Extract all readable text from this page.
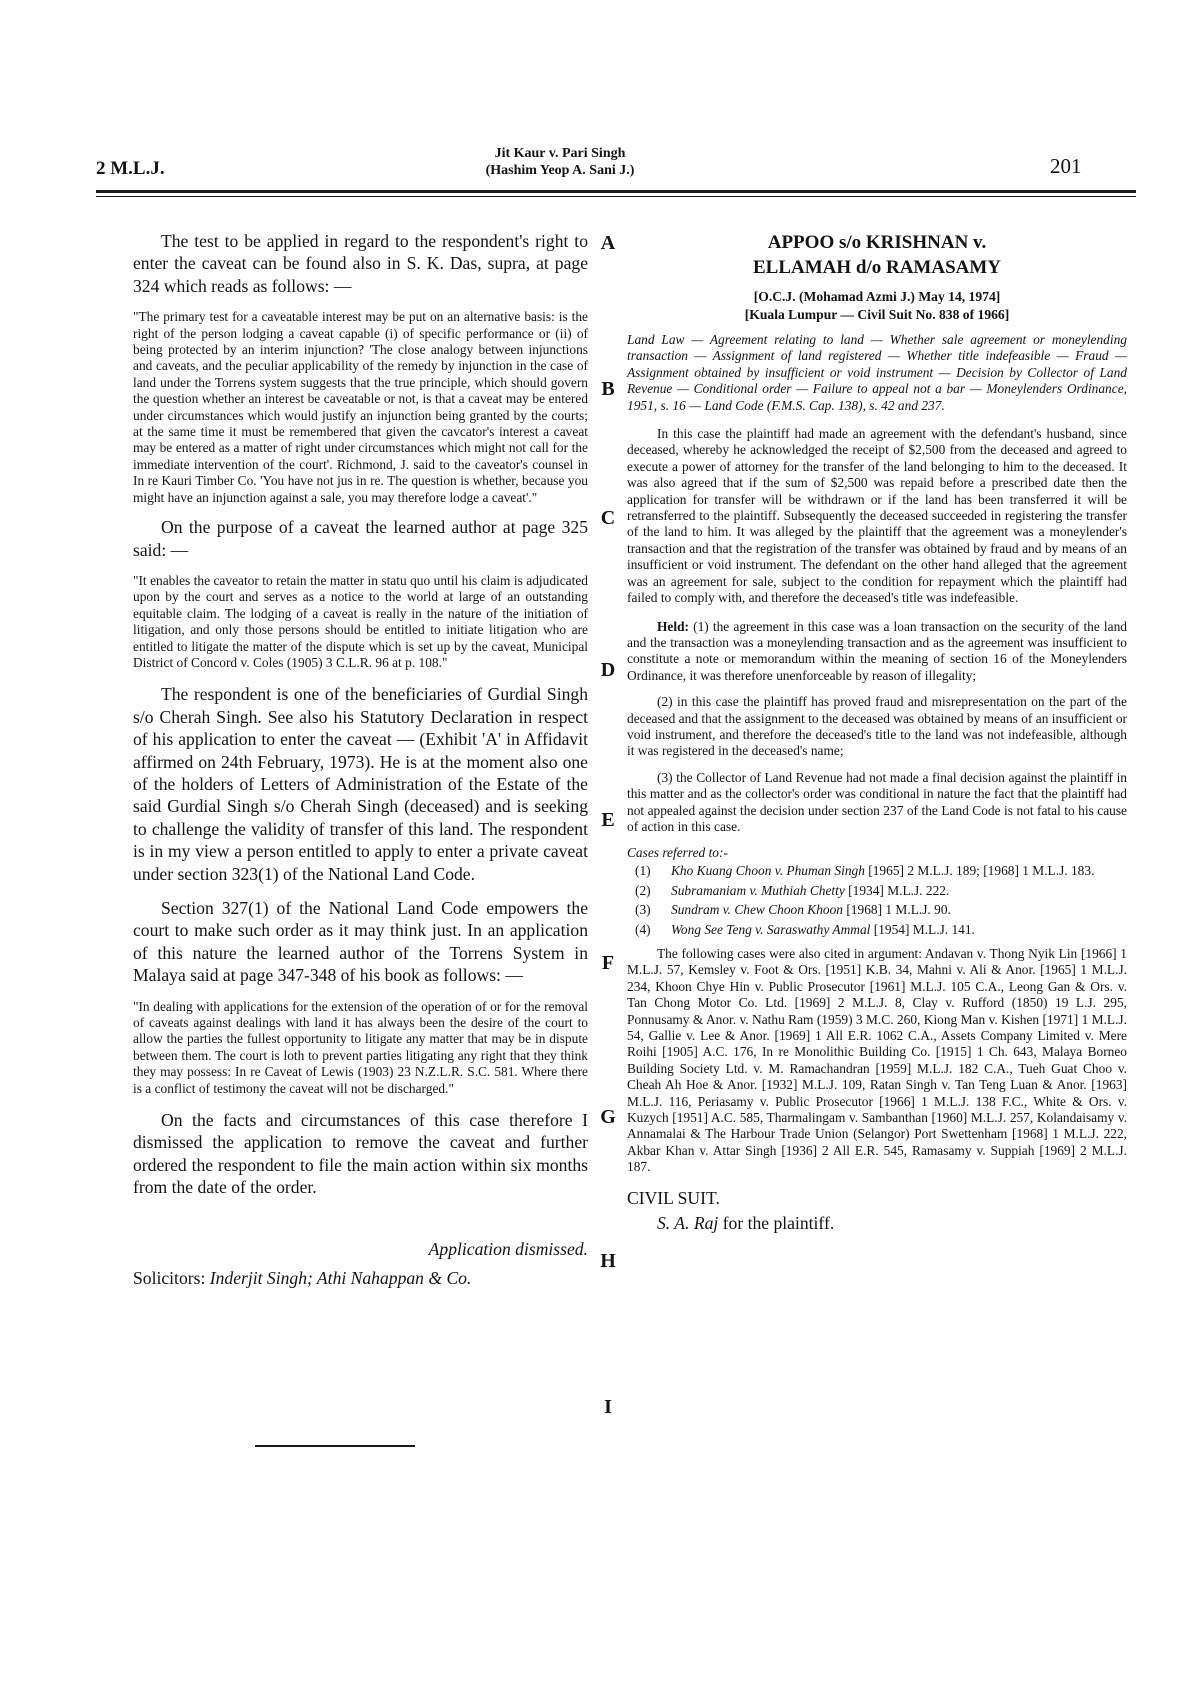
2 M.L.J.
Jit Kaur v. Pari Singh
(Hashim Yeop A. Sani J.)	201
A
B
C
D
E
F
G
H
I

The test to be applied in regard to the respondent's right to enter the caveat can be found also in S. K. Das, supra, at page 324 which reads as follows: —

"The primary test for a caveatable interest may be put on an alternative basis: is the right of the person lodging a caveat capable (i) of specific performance or (ii) of being protected by an interim injunction? 'The close analogy between injunctions and caveats, and the peculiar applicability of the remedy by injunction in the case of land under the Torrens system suggests that the true principle, which should govern the question whether an interest be caveatable or not, is that a caveat may be entered under circumstances which would justify an injunction being granted by the courts; at the same time it must be remembered that given the cavcator's interest a caveat may be entered as a matter of right under circumstances which might not call for the immediate intervention of the court'. Richmond, J. said to the caveator's counsel in In re Kauri Timber Co. 'You have not jus in re. The question is whether, because you might have an injunction against a sale, you may therefore lodge a caveat'."

On the purpose of a caveat the learned author at page 325 said: —

"It enables the caveator to retain the matter in statu quo until his claim is adjudicated upon by the court and serves as a notice to the world at large of an outstanding equitable claim. The lodging of a caveat is really in the nature of the initiation of litigation, and only those persons should be entitled to initiate litigation who are entitled to litigate the matter of the dispute which is set up by the caveat, Municipal District of Concord v. Coles (1905) 3 C.L.R. 96 at p. 108."

The respondent is one of the beneficiaries of Gurdial Singh s/o Cherah Singh. See also his Statutory Declaration in respect of his application to enter the caveat — (Exhibit 'A' in Affidavit affirmed on 24th February, 1973). He is at the moment also one of the holders of Letters of Administration of the Estate of the said Gurdial Singh s/o Cherah Singh (deceased) and is seeking to challenge the validity of transfer of this land. The respondent is in my view a person entitled to apply to enter a private caveat under section 323(1) of the National Land Code.

Section 327(1) of the National Land Code empowers the court to make such order as it may think just. In an application of this nature the learned author of the Torrens System in Malaya said at page 347-348 of his book as follows: —

"In dealing with applications for the extension of the operation of or for the removal of caveats against dealings with land it has always been the desire of the court to allow the parties the fullest opportunity to litigate any matter that may be in dispute between them. The court is loth to prevent parties litigating any right that they think they may possess: In re Caveat of Lewis (1903) 23 N.Z.L.R. S.C. 581. Where there is a conflict of testimony the caveat will not be discharged."

On the facts and circumstances of this case therefore I dismissed the application to remove the caveat and further ordered the respondent to file the main action within six months from the date of the order.

Application dismissed.

Solicitors: Inderjit Singh; Athi Nahappan & Co.

APPOO s/o KRISHNAN v.
ELLAMAH d/o RAMASAMY
[O.C.J. (Mohamad Azmi J.) May 14, 1974]
[Kuala Lumpur — Civil Suit No. 838 of 1966]

Land Law — Agreement relating to land — Whether sale agreement or moneylending transaction — Assignment of land registered — Whether title indefeasible — Fraud — Assignment obtained by insufficient or void instrument — Decision by Collector of Land Revenue — Conditional order — Failure to appeal not a bar — Moneylenders Ordinance, 1951, s. 16 — Land Code (F.M.S. Cap. 138), s. 42 and 237.

In this case the plaintiff had made an agreement with the defendant's husband, since deceased, whereby he acknowledged the receipt of $2,500 from the deceased and agreed to execute a power of attorney for the transfer of the land belonging to him to the deceased. It was also agreed that if the sum of $2,500 was repaid before a prescribed date then the application for transfer will be withdrawn or if the land has been transferred it will be retransferred to the plaintiff. Subsequently the deceased succeeded in registering the transfer of the land to him. It was alleged by the plaintiff that the agreement was a moneylender's transaction and that the registration of the transfer was obtained by fraud and by means of an insufficient or void instrument. The defendant on the other hand alleged that the agreement was an agreement for sale, subject to the condition for repayment which the plaintiff had failed to comply with, and therefore the deceased's title was indefeasible.

Held: (1) the agreement in this case was a loan transaction on the security of the land and the transaction was a moneylending transaction and as the agreement was insufficient to constitute a note or memorandum within the meaning of section 16 of the Moneylenders Ordinance, it was therefore unenforceable by reason of illegality;

(2) in this case the plaintiff has proved fraud and misrepresentation on the part of the deceased and that the assignment to the deceased was obtained by means of an insufficient or void instrument, and therefore the deceased's title to the land was not indefeasible, although it was registered in the deceased's name;

(3) the Collector of Land Revenue had not made a final decision against the plaintiff in this matter and as the collector's order was conditional in nature the fact that the plaintiff had not appealed against the decision under section 237 of the Land Code is not fatal to his cause of action in this case.

Cases referred to:-

(1) Kho Kuang Choon v. Phuman Singh [1965] 2 M.L.J. 189; [1968] 1 M.L.J. 183.
(2) Subramaniam v. Muthiah Chetty [1934] M.L.J. 222.
(3) Sundram v. Chew Choon Khoon [1968] 1 M.L.J. 90.
(4) Wong See Teng v. Saraswathy Ammal [1954] M.L.J. 141.

The following cases were also cited in argument: Andavan v. Thong Nyik Lin [1966] 1 M.L.J. 57, Kemsley v. Foot & Ors. [1951] K.B. 34, Mahni v. Ali & Anor. [1965] 1 M.L.J. 234, Khoon Chye Hin v. Public Prosecutor [1961] M.L.J. 105 C.A., Leong Gan & Ors. v. Tan Chong Motor Co. Ltd. [1969] 2 M.L.J. 8, Clay v. Rufford (1850) 19 L.J. 295, Ponnusamy & Anor. v. Nathu Ram (1959) 3 M.C. 260, Kiong Man v. Kishen [1971] 1 M.L.J. 54, Gallie v. Lee & Anor. [1969] 1 All E.R. 1062 C.A., Assets Company Limited v. Mere Roihi [1905] A.C. 176, In re Monolithic Building Co. [1915] 1 Ch. 643, Malaya Borneo Building Society Ltd. v. M. Ramachandran [1959] M.L.J. 182 C.A., Tueh Guat Choo v. Cheah Ah Hoe & Anor. [1932] M.L.J. 109, Ratan Singh v. Tan Teng Luan & Anor. [1963] M.L.J. 116, Periasamy v. Public Prosecutor [1966] 1 M.L.J. 138 F.C., White & Ors. v. Kuzych [1951] A.C. 585, Tharmalingam v. Sambanthan [1960] M.L.J. 257, Kolandaisamy v. Annamalai & The Harbour Trade Union (Selangor) Port Swettenham [1968] 1 M.L.J. 222, Akbar Khan v. Attar Singh [1936] 2 All E.R. 545, Ramasamy v. Suppiah [1969] 2 M.L.J. 187.

CIVIL SUIT.

S. A. Raj for the plaintiff.
